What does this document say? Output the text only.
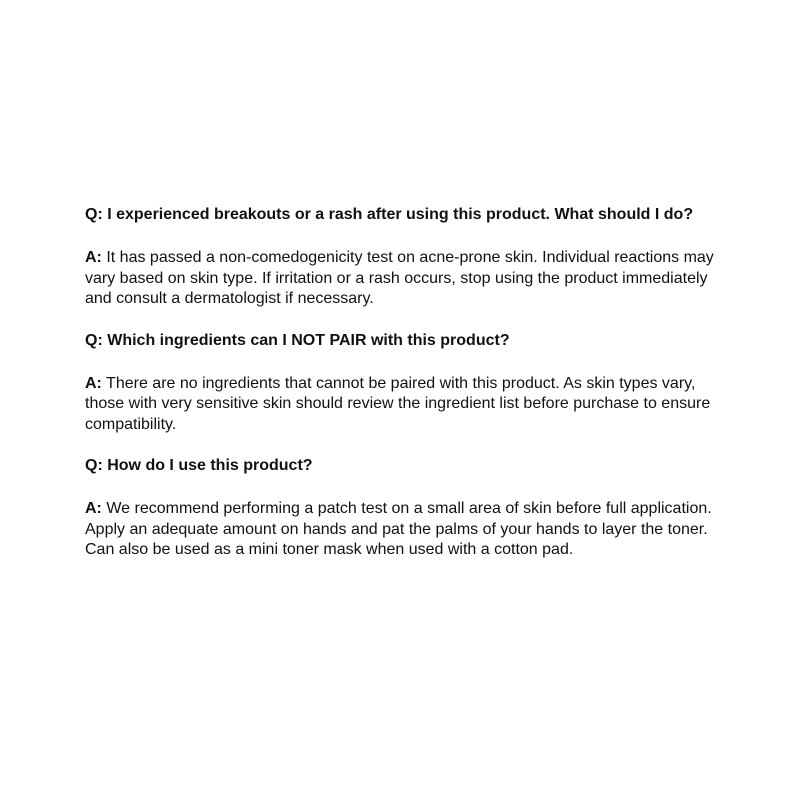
Q: I experienced breakouts or a rash after using this product. What should I do?

A: It has passed a non-comedogenicity test on acne-prone skin. Individual reactions may vary based on skin type. If irritation or a rash occurs, stop using the product immediately and consult a dermatologist if necessary.

Q: Which ingredients can I NOT PAIR with this product?

A: There are no ingredients that cannot be paired with this product. As skin types vary, those with very sensitive skin should review the ingredient list before purchase to ensure compatibility.

Q: How do I use this product?

A: We recommend performing a patch test on a small area of skin before full application. Apply an adequate amount on hands and pat the palms of your hands to layer the toner. Can also be used as a mini toner mask when used with a cotton pad.
